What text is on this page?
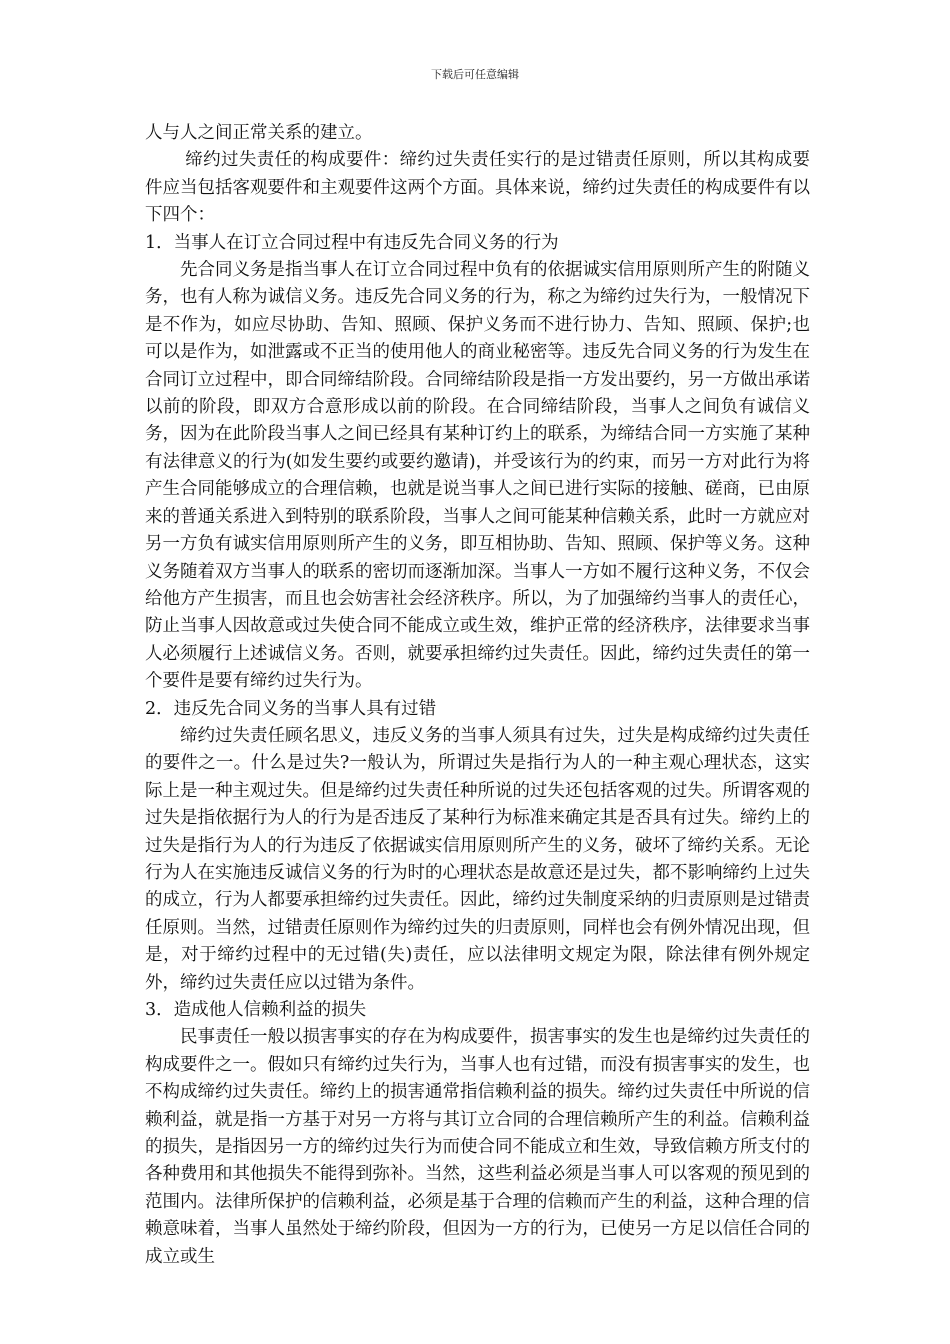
下载后可任意编辑

人与人之间正常关系的建立。

缔约过失责任的构成要件：缔约过失责任实行的是过错责任原则，所以其构成要件应当包括客观要件和主观要件这两个方面。具体来说，缔约过失责任的构成要件有以下四个：

1．当事人在订立合同过程中有违反先合同义务的行为

先合同义务是指当事人在订立合同过程中负有的依据诚实信用原则所产生的附随义务，也有人称为诚信义务。违反先合同义务的行为，称之为缔约过失行为，一般情况下是不作为，如应尽协助、告知、照顾、保护义务而不进行协力、告知、照顾、保护;也可以是作为，如泄露或不正当的使用他人的商业秘密等。违反先合同义务的行为发生在合同订立过程中，即合同缔结阶段。合同缔结阶段是指一方发出要约，另一方做出承诺以前的阶段，即双方合意形成以前的阶段。在合同缔结阶段，当事人之间负有诚信义务，因为在此阶段当事人之间已经具有某种订约上的联系，为缔结合同一方实施了某种有法律意义的行为(如发生要约或要约邀请)，并受该行为的约束，而另一方对此行为将产生合同能够成立的合理信赖，也就是说当事人之间已进行实际的接触、磋商，已由原来的普通关系进入到特别的联系阶段，当事人之间可能某种信赖关系，此时一方就应对另一方负有诚实信用原则所产生的义务，即互相协助、告知、照顾、保护等义务。这种义务随着双方当事人的联系的密切而逐渐加深。当事人一方如不履行这种义务，不仅会给他方产生损害，而且也会妨害社会经济秩序。所以，为了加强缔约当事人的责任心，防止当事人因故意或过失使合同不能成立或生效，维护正常的经济秩序，法律要求当事人必须履行上述诚信义务。否则，就要承担缔约过失责任。因此，缔约过失责任的第一个要件是要有缔约过失行为。

2．违反先合同义务的当事人具有过错

缔约过失责任顾名思义，违反义务的当事人须具有过失，过失是构成缔约过失责任的要件之一。什么是过失?一般认为，所谓过失是指行为人的一种主观心理状态，这实际上是一种主观过失。但是缔约过失责任种所说的过失还包括客观的过失。所谓客观的过失是指依据行为人的行为是否违反了某种行为标准来确定其是否具有过失。缔约上的过失是指行为人的行为违反了依据诚实信用原则所产生的义务，破坏了缔约关系。无论行为人在实施违反诚信义务的行为时的心理状态是故意还是过失，都不影响缔约上过失的成立，行为人都要承担缔约过失责任。因此，缔约过失制度采纳的归责原则是过错责任原则。当然，过错责任原则作为缔约过失的归责原则，同样也会有例外情况出现，但是，对于缔约过程中的无过错(失)责任，应以法律明文规定为限，除法律有例外规定外，缔约过失责任应以过错为条件。

3．造成他人信赖利益的损失

民事责任一般以损害事实的存在为构成要件，损害事实的发生也是缔约过失责任的构成要件之一。假如只有缔约过失行为，当事人也有过错，而没有损害事实的发生，也不构成缔约过失责任。缔约上的损害通常指信赖利益的损失。缔约过失责任中所说的信赖利益，就是指一方基于对另一方将与其订立合同的合理信赖所产生的利益。信赖利益的损失，是指因另一方的缔约过失行为而使合同不能成立和生效，导致信赖方所支付的各种费用和其他损失不能得到弥补。当然，这些利益必须是当事人可以客观的预见到的范围内。法律所保护的信赖利益，必须是基于合理的信赖而产生的利益，这种合理的信赖意味着，当事人虽然处于缔约阶段，但因为一方的行为，已使另一方足以信任合同的成立或生
